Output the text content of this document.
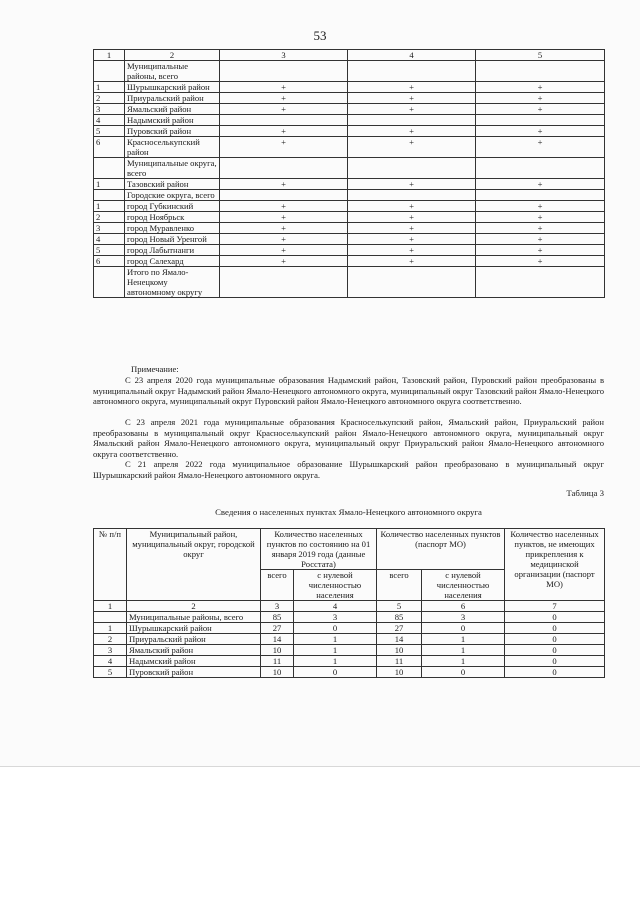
53
1	2	3	4	5
	Муниципальные районы, всего			
1	Шурышкарский район	+	+	+
2	Приуральский район	+	+	+
3	Ямальский район	+	+	+
4	Надымский район			
5	Пуровский район	+	+	+
6	Красноселькупский район	+	+	+
	Муниципальные округа, всего			
1	Тазовский район	+	+	+
	Городские округа, всего			
1	город Губкинский	+	+	+
2	город Ноябрьск	+	+	+
3	город Муравленко	+	+	+
4	город Новый Уренгой	+	+	+
5	город Лабытнанги	+	+	+
6	город Салехард	+	+	+
	Итого по Ямало-Ненецкому автономному округу			

Примечание:

С 23 апреля 2020 года муниципальные образования Надымский район, Тазовский район, Пуровский район преобразованы в муниципальный округ Надымский район Ямало-Ненецкого автономного округа, муниципальный округ Тазовский район Ямало-Ненецкого автономного округа, муниципальный округ Пуровский район Ямало-Ненецкого автономного округа соответственно.

С 23 апреля 2021 года муниципальные образования Красноселькупский район, Ямальский район, Приуральский район преобразованы в муниципальный округ Красноселькупский район Ямало-Ненецкого автономного округа, муниципальный округ Ямальский район Ямало-Ненецкого автономного округа, муниципальный округ Приуральский район Ямало-Ненецкого автономного округа соответственно.

С 21 апреля 2022 года муниципальное образование Шурышкарский район преобразовано в муниципальный округ Шурышкарский район Ямало-Ненецкого автономного округа.

Таблица 3
Сведения о населенных пунктах Ямало-Ненецкого автономного округа
№ п/п	Муниципальный район, муниципальный округ, городской округ	Количество населенных пунктов по состоянию на 01 января 2019 года (данные Росстата)		Количество населенных пунктов (паспорт МО)		Количество населенных пунктов, не имеющих прикрепления к медицинской организации (паспорт МО)
		всего	с нулевой численностью населения	всего	с нулевой численностью населения	
1	2	3	4	5	6	7
	Муниципальные районы, всего	85	3	85	3	0
1	Шурышкарский район	27	0	27	0	0
2	Приуральский район	14	1	14	1	0
3	Ямальский район	10	1	10	1	0
4	Надымский район	11	1	11	1	0
5	Пуровский район	10	0	10	0	0
